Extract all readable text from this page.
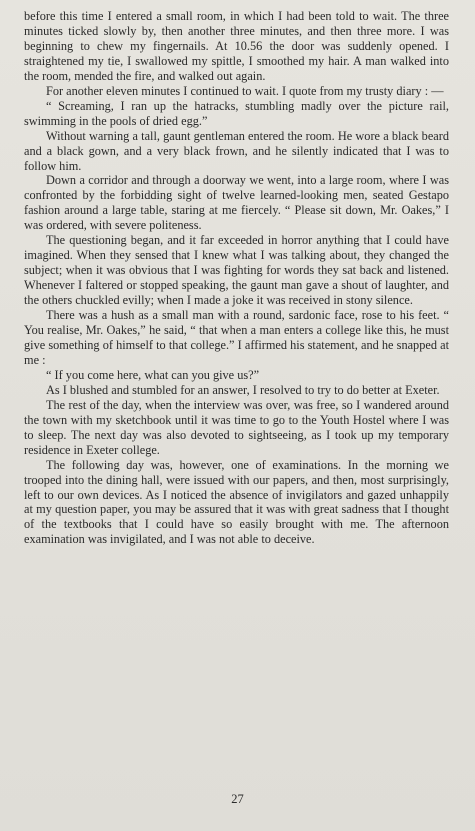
before this time I entered a small room, in which I had been told to wait. The three minutes ticked slowly by, then another three minutes, and then three more. I was beginning to chew my fingernails. At 10.56 the door was suddenly opened. I straightened my tie, I swallowed my spittle, I smoothed my hair. A man walked into the room, mended the fire, and walked out again.

For another eleven minutes I continued to wait. I quote from my trusty diary : —

“ Screaming, I ran up the hatracks, stumbling madly over the picture rail, swimming in the pools of dried egg.”

Without warning a tall, gaunt gentleman entered the room. He wore a black beard and a black gown, and a very black frown, and he silently indicated that I was to follow him.

Down a corridor and through a doorway we went, into a large room, where I was confronted by the forbidding sight of twelve learned-looking men, seated Gestapo fashion around a large table, staring at me fiercely. “ Please sit down, Mr. Oakes,” I was ordered, with severe politeness.

The questioning began, and it far exceeded in horror anything that I could have imagined. When they sensed that I knew what I was talking about, they changed the subject; when it was obvious that I was fighting for words they sat back and listened. Whenever I faltered or stopped speaking, the gaunt man gave a shout of laughter, and the others chuckled evilly; when I made a joke it was received in stony silence.

There was a hush as a small man with a round, sardonic face, rose to his feet. “ You realise, Mr. Oakes,” he said, “ that when a man enters a college like this, he must give something of himself to that college.” I affirmed his statement, and he snapped at me :

“ If you come here, what can you give us?”

As I blushed and stumbled for an answer, I resolved to try to do better at Exeter.

The rest of the day, when the interview was over, was free, so I wandered around the town with my sketchbook until it was time to go to the Youth Hostel where I was to sleep. The next day was also devoted to sightseeing, as I took up my temporary residence in Exeter college.

The following day was, however, one of examinations. In the morning we trooped into the dining hall, were issued with our papers, and then, most surprisingly, left to our own devices. As I noticed the absence of invigilators and gazed unhappily at my question paper, you may be assured that it was with great sadness that I thought of the textbooks that I could have so easily brought with me. The afternoon examination was invigilated, and I was not able to deceive.

27
